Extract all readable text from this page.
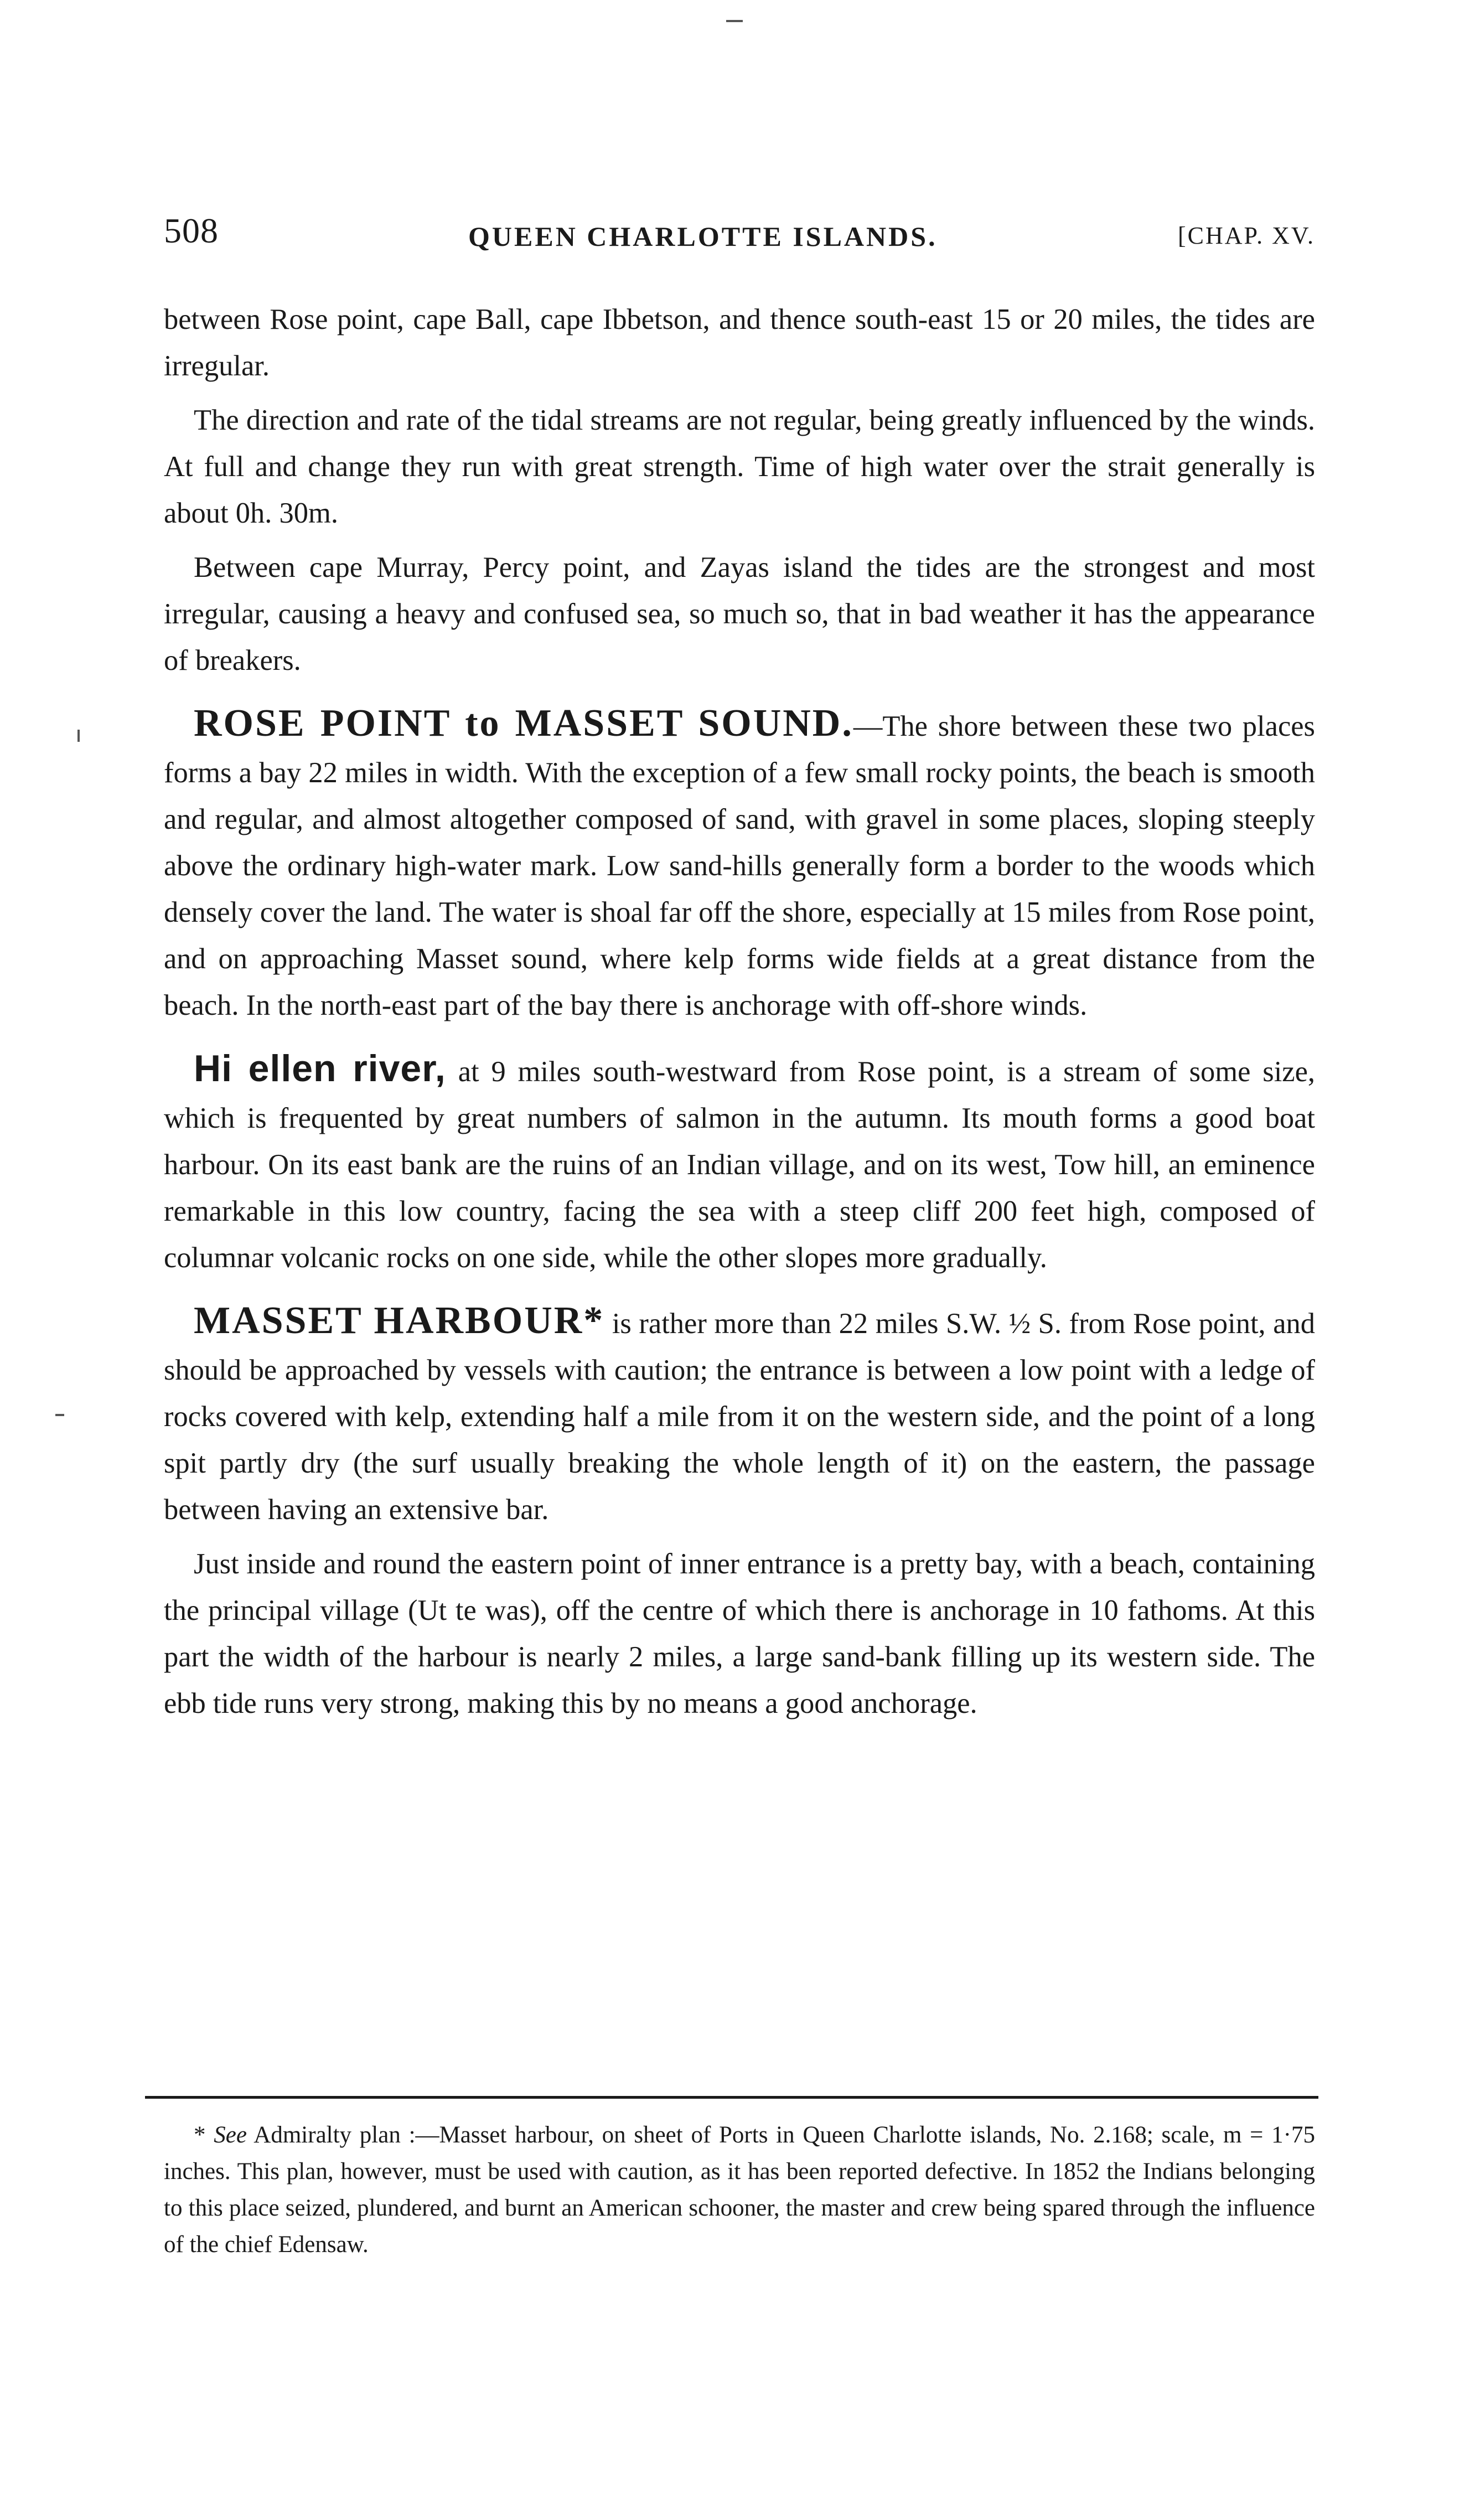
508	QUEEN CHARLOTTE ISLANDS.	[CHAP. XV.

between Rose point, cape Ball, cape Ibbetson, and thence south-east 15 or 20 miles, the tides are irregular.

The direction and rate of the tidal streams are not regular, being greatly influenced by the winds. At full and change they run with great strength. Time of high water over the strait generally is about 0h. 30m.

Between cape Murray, Percy point, and Zayas island the tides are the strongest and most irregular, causing a heavy and confused sea, so much so, that in bad weather it has the appearance of breakers.

ROSE POINT to MASSET SOUND.—The shore between these two places forms a bay 22 miles in width. With the exception of a few small rocky points, the beach is smooth and regular, and almost altogether composed of sand, with gravel in some places, sloping steeply above the ordinary high-water mark. Low sand-hills generally form a border to the woods which densely cover the land. The water is shoal far off the shore, especially at 15 miles from Rose point, and on approaching Masset sound, where kelp forms wide fields at a great distance from the beach. In the north-east part of the bay there is anchorage with off-shore winds.

Hi ellen river, at 9 miles south-westward from Rose point, is a stream of some size, which is frequented by great numbers of salmon in the autumn. Its mouth forms a good boat harbour. On its east bank are the ruins of an Indian village, and on its west, Tow hill, an eminence remarkable in this low country, facing the sea with a steep cliff 200 feet high, composed of columnar volcanic rocks on one side, while the other slopes more gradually.

MASSET HARBOUR* is rather more than 22 miles S.W. ½ S. from Rose point, and should be approached by vessels with caution; the entrance is between a low point with a ledge of rocks covered with kelp, extending half a mile from it on the western side, and the point of a long spit partly dry (the surf usually breaking the whole length of it) on the eastern, the passage between having an extensive bar.

Just inside and round the eastern point of inner entrance is a pretty bay, with a beach, containing the principal village (Ut te was), off the centre of which there is anchorage in 10 fathoms. At this part the width of the harbour is nearly 2 miles, a large sand-bank filling up its western side. The ebb tide runs very strong, making this by no means a good anchorage.

* See Admiralty plan :—Masset harbour, on sheet of Ports in Queen Charlotte islands, No. 2.168; scale, m = 1·75 inches. This plan, however, must be used with caution, as it has been reported defective. In 1852 the Indians belonging to this place seized, plundered, and burnt an American schooner, the master and crew being spared through the influence of the chief Edensaw.
